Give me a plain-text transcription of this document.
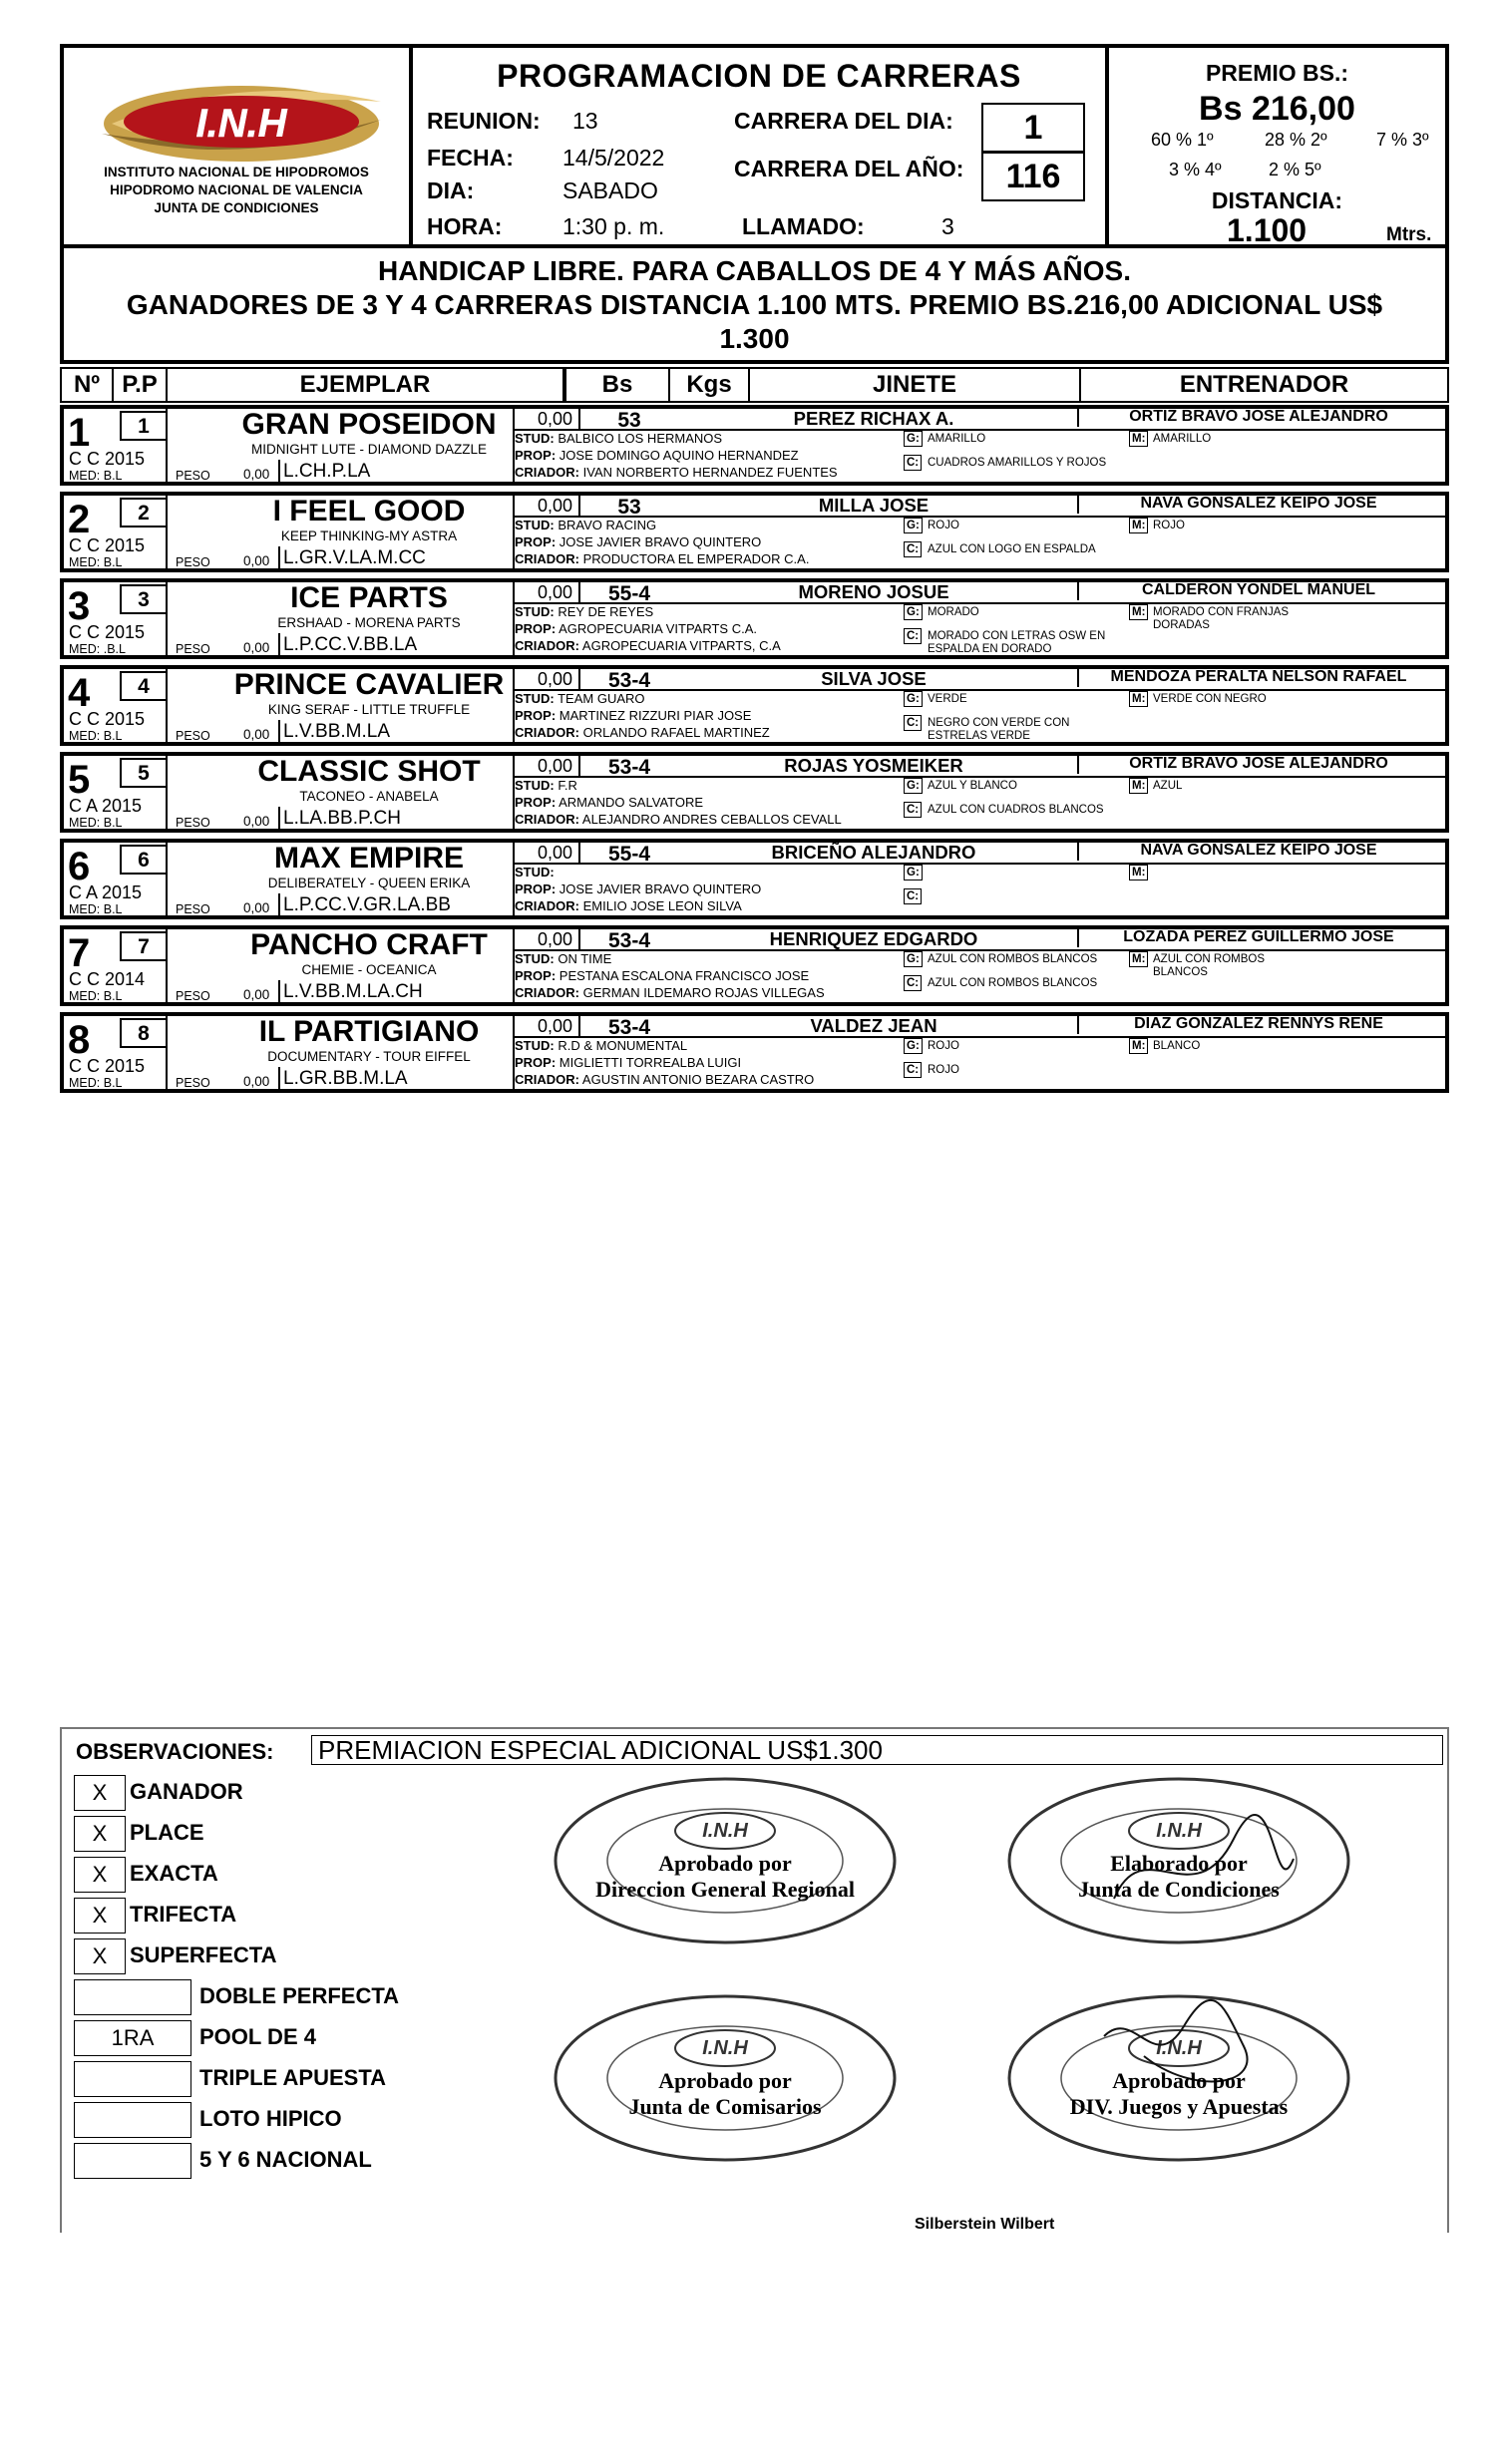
I.N.H
INSTITUTO NACIONAL DE HIPODROMOS
HIPODROMO NACIONAL DE VALENCIA
JUNTA DE CONDICIONES
PROGRAMACION DE CARRERAS
REUNION: 13
FECHA: 14/5/2022
DIA:	SABADO
HORA:	1:30 p. m.
CARRERA DEL DIA:	1
CARRERA DEL AÑO:	116
LLAMADO:	3
PREMIO BS.:
Bs 216,00
60 % 1º	28 % 2º	7 % 3º
3 % 4º	2 % 5º
DISTANCIA:
1.100	Mtrs.
HANDICAP LIBRE. PARA CABALLOS DE 4 Y MÁS AÑOS.
GANADORES DE 3 Y 4 CARRERAS DISTANCIA 1.100 MTS. PREMIO BS.216,00 ADICIONAL US$
1.300
Nº P.P	EJEMPLAR	Bs	Kgs	JINETE	ENTRENADOR
1	1
C C 2015
MED: B.L
GRAN POSEIDON
MIDNIGHT LUTE - DIAMOND DAZZLE
PESO 0,00 L.CH.P.LA
0,00	53	PEREZ RICHAX A.	ORTIZ BRAVO JOSE ALEJANDRO
STUD: BALBICO LOS HERMANOS
PROP: JOSE DOMINGO AQUINO HERNANDEZ
CRIADOR: IVAN NORBERTO HERNANDEZ FUENTES
G: AMARILLO
C: CUADROS AMARILLOS Y ROJOS
M: AMARILLO
2	2
C C 2015
MED: B.L
I FEEL GOOD
KEEP THINKING-MY ASTRA
PESO 0,00 L.GR.V.LA.M.CC
0,00	53	MILLA JOSE	NAVA GONSALEZ KEIPO JOSE
STUD: BRAVO RACING
PROP: JOSE JAVIER BRAVO QUINTERO
CRIADOR: PRODUCTORA EL EMPERADOR C.A.
G: ROJO
C: AZUL CON LOGO EN ESPALDA
M: ROJO
3	3
C C 2015
MED: .B.L
ICE PARTS
ERSHAAD - MORENA PARTS
PESO 0,00 L.P.CC.V.BB.LA
0,00	55-4	MORENO JOSUE	CALDERON YONDEL MANUEL
STUD: REY DE REYES
PROP: AGROPECUARIA VITPARTS C.A.
CRIADOR: AGROPECUARIA VITPARTS, C.A
G: MORADO
C: MORADO CON LETRAS OSW EN ESPALDA EN DORADO
M: MORADO CON FRANJAS DORADAS
4	4
C C 2015
MED: B.L
PRINCE CAVALIER
KING SERAF - LITTLE TRUFFLE
PESO 0,00 L.V.BB.M.LA
0,00	53-4	SILVA JOSE	MENDOZA PERALTA NELSON RAFAEL
STUD: TEAM GUARO
PROP: MARTINEZ RIZZURI PIAR JOSE
CRIADOR: ORLANDO RAFAEL MARTINEZ
G: VERDE
C: NEGRO CON VERDE CON ESTRELAS VERDE
M: VERDE CON NEGRO
5	5
C A 2015
MED: B.L
CLASSIC SHOT
TACONEO - ANABELA
PESO 0,00 L.LA.BB.P.CH
0,00	53-4	ROJAS YOSMEIKER	ORTIZ BRAVO JOSE ALEJANDRO
STUD: F.R
PROP: ARMANDO SALVATORE
CRIADOR: ALEJANDRO ANDRES CEBALLOS CEVALL
G: AZUL Y BLANCO
C: AZUL CON CUADROS BLANCOS
M: AZUL
6	6
C A 2015
MED: B.L
MAX EMPIRE
DELIBERATELY - QUEEN ERIKA
PESO 0,00 L.P.CC.V.GR.LA.BB
0,00	55-4	BRICEÑO ALEJANDRO	NAVA GONSALEZ KEIPO JOSE
STUD:
PROP: JOSE JAVIER BRAVO QUINTERO
CRIADOR: EMILIO JOSE LEON SILVA
G:
C:
M:
7	7
C C 2014
MED: B.L
PANCHO CRAFT
CHEMIE - OCEANICA
PESO 0,00 L.V.BB.M.LA.CH
0,00	53-4	HENRIQUEZ EDGARDO	LOZADA PEREZ GUILLERMO JOSE
STUD: ON TIME
PROP: PESTANA ESCALONA FRANCISCO JOSE
CRIADOR: GERMAN ILDEMARO ROJAS VILLEGAS
G: AZUL CON ROMBOS BLANCOS
C: AZUL CON ROMBOS BLANCOS
M: AZUL CON ROMBOS BLANCOS
8	8
C C 2015
MED: B.L
IL PARTIGIANO
DOCUMENTARY - TOUR EIFFEL
PESO 0,00 L.GR.BB.M.LA
0,00	53-4	VALDEZ JEAN	DIAZ GONZALEZ RENNYS RENE
STUD: R.D & MONUMENTAL
PROP: MIGLIETTI TORREALBA LUIGI
CRIADOR: AGUSTIN ANTONIO BEZARA CASTRO
G: ROJO
C: ROJO
M: BLANCO
OBSERVACIONES: PREMIACION ESPECIAL ADICIONAL US$1.300
X	GANADOR
X	PLACE
X	EXACTA
X	TRIFECTA
X	SUPERFECTA
DOBLE PERFECTA
1RA	POOL DE 4
TRIPLE APUESTA
LOTO HIPICO
5 Y 6 NACIONAL
I.N.H
Aprobado por
Direccion General Regional
I.N.H
Elaborado por
Junta de Condiciones
I.N.H
Aprobado por
Junta de Comisarios
I.N.H
Aprobado por
DIV. Juegos y Apuestas
Silberstein Wilbert
